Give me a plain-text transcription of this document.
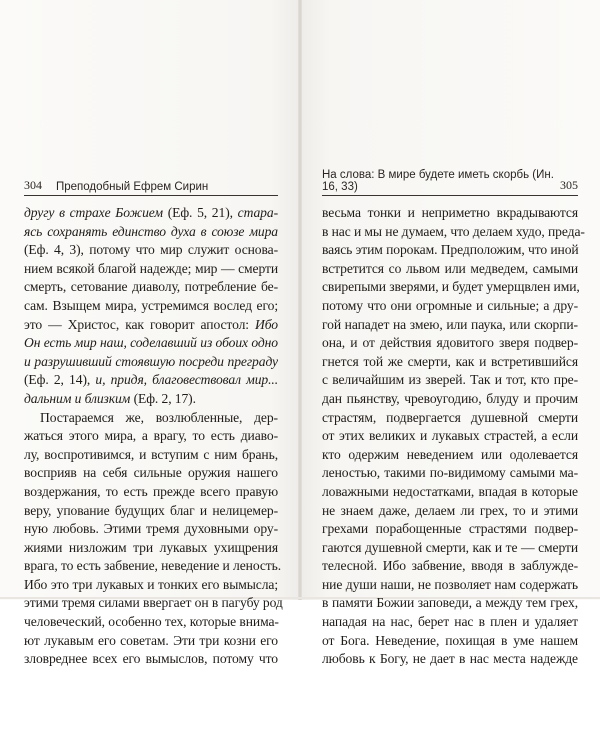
304 Преподобный Ефрем Сирин
На слова: В мире будете иметь скорбь (Ин. 16, 33)	305
другу в страхе Божием (Еф. 5, 21), стара-
ясь сохранять единство духа в союзе мира
(Еф. 4, 3), потому что мир служит основа-
нием всякой благой надежде; мир — смерти
смерть, сетование диаволу, потребление бе-
сам. Взыщем мира, устремимся вослед его;
это — Христос, как говорит апостол: Ибо
Он есть мир наш, соделавший из обоих одно
и разрушивший стоявшую посреди преграду
(Еф. 2, 14), и, придя, благовествовал мир...
дальним и близким (Еф. 2, 17).
Постараемся же, возлюбленные, дер-
жаться этого мира, а врагу, то есть диаво-
лу, воспротивимся, и вступим с ним брань,
восприяв на себя сильные оружия нашего
воздержания, то есть прежде всего правую
веру, упование будущих благ и нелицемер-
ную любовь. Этими тремя духовными ору-
жиями низложим три лукавых ухищрения
врага, то есть забвение, неведение и леность.
Ибо это три лукавых и тонких его вымысла;
этими тремя силами ввергает он в пагубу род
человеческий, особенно тех, которые внима-
ют лукавым его советам. Эти три козни его
зловреднее всех его вымыслов, потому что
весьма тонки и неприметно вкрадываются
в нас и мы не думаем, что делаем худо, предa-
ваясь этим порокам. Предположим, что иной
встретится со львом или медведем, самыми
свирепыми зверями, и будет умерщвлен ими,
потому что они огромные и сильные; а дру-
гой нападет на змею, или паука, или скорпи-
она, и от действия ядовитого зверя подвер-
гнется той же смерти, как и встретившийся
с величайшим из зверей. Так и тот, кто пре-
дан пьянству, чревоугодию, блуду и прочим
страстям, подвергается душевной смерти
от этих великих и лукавых страстей, а если
кто одержим неведением или одолевается
леностью, такими по-видимому самыми ма-
ловажными недостатками, впадая в которые
не знаем даже, делаем ли грех, то и этими
грехами порабощенные страстями подвер-
гаются душевной смерти, как и те — смерти
телесной. Ибо забвение, вводя в заблужде-
ние души наши, не позволяет нам содержать
в памяти Божии заповеди, а между тем грех,
нападая на нас, берет нас в плен и удаляет
от Бога. Неведение, похищая в уме нашем
любовь к Богу, не дает в нас места надежде
